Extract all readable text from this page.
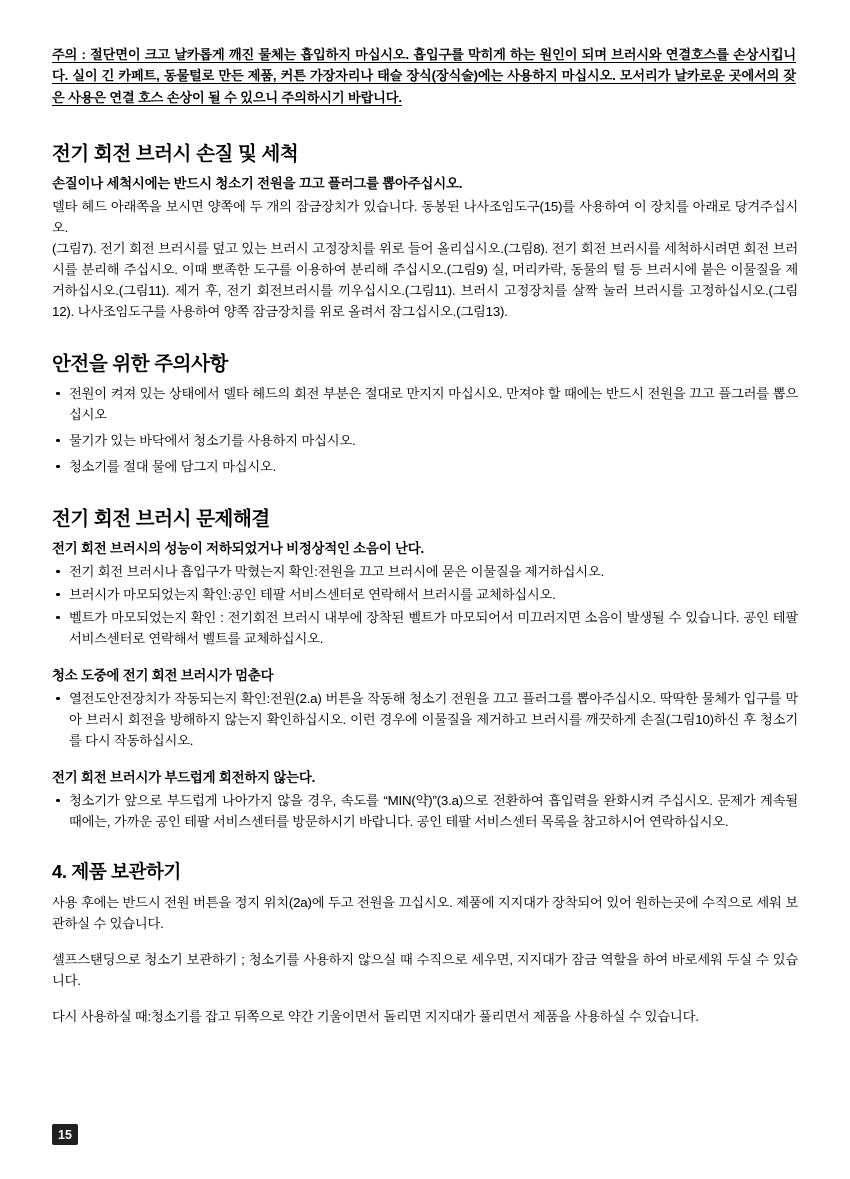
주의 : 절단면이 크고 날카롭게 깨진 물체는 흡입하지 마십시오. 흡입구를 막히게 하는 원인이 되며 브러시와 연결호스를 손상시킵니다. 실이 긴 카페트, 동물털로 만든 제품, 커튼 가장자리나 태슬 장식(장식술)에는 사용하지 마십시오. 모서리가 날카로운 곳에서의 잦은 사용은 연결 호스 손상이 될 수 있으니 주의하시기 바랍니다.
전기 회전 브러시 손질 및 세척
손질이나 세척시에는 반드시 청소기 전원을 끄고 플러그를 뽑아주십시오.

델타 헤드 아래쪽을 보시면 양쪽에 두 개의 잠금장치가 있습니다. 동봉된 나사조임도구(15)를 사용하여 이 장치를 아래로 당겨주십시오.

(그림7). 전기 회전 브러시를 덮고 있는 브러시 고정장치를 위로 들어 올리십시오.(그림8). 전기 회전 브러시를 세척하시려면 회전 브러시를 분리해 주십시오. 이때 뽀족한 도구를 이용하여 분리해 주십시오.(그림9) 실, 머리카락, 동물의 털 등 브러시에 붙은 이물질을 제거하십시오.(그림11). 제거 후, 전기 회전브러시를 끼우십시오.(그림11). 브러시 고정장치를 살짝 눌러 브러시를 고정하십시오.(그림12). 나사조임도구를 사용하여 양쪽 잠금장치를 위로 올려서 잠그십시오.(그림13).

안전을 위한 주의사항
전원이 켜져 있는 상태에서 델타 헤드의 회전 부분은 절대로 만지지 마십시오. 만져야 할 때에는 반드시 전원을 끄고 플그러를 뽑으십시오
물기가 있는 바닥에서 청소기를 사용하지 마십시오.
청소기를 절대 물에 담그지 마십시오.
전기 회전 브러시 문제해결
전기 회전 브러시의 성능이 저하되었거나 비정상적인 소음이 난다.
전기 회전 브러시나 흡입구가 막혔는지 확인:전원을 끄고 브러시에 묻은 이물질을 제거하십시오.
브러시가 마모되었는지 확인:공인 테팔 서비스센터로 연락해서 브러시를 교체하십시오.
벨트가 마모되었는지 확인 : 전기회전 브러시 내부에 장착된 벨트가 마모되어서 미끄러지면 소음이 발생될 수 있습니다. 공인 테팔 서비스센터로 연락해서 벨트를 교체하십시오.
청소 도중에 전기 회전 브러시가 멈춘다
열전도안전장치가 작동되는지 확인:전원(2.a) 버튼을 작동해 청소기 전원을 끄고 플러그를 뽑아주십시오. 딱딱한 물체가 입구를 막아 브러시 회전을 방해하지 않는지 확인하십시오. 이런 경우에 이물질을 제거하고 브러시를 깨끗하게 손질(그림10)하신 후 청소기를 다시 작동하십시오.
전기 회전 브러시가 부드럽게 회전하지 않는다.
청소기가 앞으로 부드럽게 나아가지 않을 경우, 속도를 “MIN(약)”(3.a)으로 전환하여 흡입력을 완화시켜 주십시오. 문제가 계속될 때에는, 가까운 공인 테팔 서비스센터를 방문하시기 바랍니다. 공인 테팔 서비스센터 목록을 참고하시어 연락하십시오.
4. 제품 보관하기

사용 후에는 반드시 전원 버튼을 정지 위치(2a)에 두고 전원을 끄십시오. 제품에 지지대가 장착되어 있어 원하는곳에 수직으로 세워 보관하실 수 있습니다.

셀프스탠딩으로 청소기 보관하기 ; 청소기를 사용하지 않으실 때 수직으로 세우면, 지지대가 잠금 역할을 하여 바로세워 두실 수 있습니다.

다시 사용하실 때:청소기를 잡고 뒤쪽으로 약간 기울이면서 돌리면 지지대가 풀리면서 제품을 사용하실 수 있습니다.

15
